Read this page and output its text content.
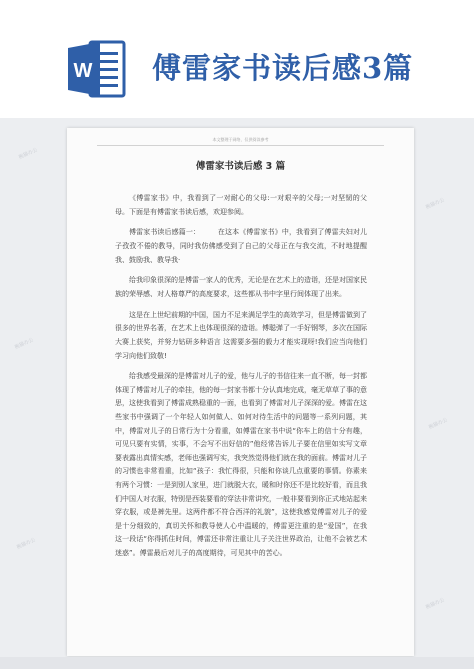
W 傅雷家书读后感3篇
本文整理于网络，仅供阅读参考
傅雷家书读后感 3 篇

《傅雷家书》中，我看到了一对耐心的父母:一对艰辛的父母;一对坚韧的父母。下面是有傅雷家书读后感，欢迎参阅。

傅雷家书读后感篇一：　　　在这本《傅雷家书》中，我看到了傅雷夫妇对儿子孜孜不倦的教导，同时我仿佛感受到了自己的父母正在与我交流，不时地提醒我、鼓励我、教导我·

给我印象很深的是傅雷一家人的优秀，无论是在艺术上的造诣，还是对国家民族的荣辱感、对人格尊严的高度要求，这些都从书中字里行间体现了出来。

这是在上世纪前期的中国，国力不足来满足学生的高效学习，但是傅雷做到了很多的世界名著，在艺术上也体现很深的造诣。傅聪弹了一手好钢琴，多次在国际大赛上获奖，并努力钻研多种语言 这需要多强的毅力才能实现呀!我们应当向他们学习向他们致敬!

给我感受最深的是傅雷对儿子的爱，他与儿子的书信往来一直不断，每一封都体现了傅雷对儿子的牵挂，他的每一封家书都十分认真地完成，毫无草草了事的意思，这使我看到了傅雷成熟稳重的一面，也看到了傅雷对儿子深深的爱。傅雷在这些家书中强调了一个年轻人如何做人、如何对待生活中的问题等一系列问题，其中，傅雷对儿子的日常行为十分看重，如傅雷在家书中说“你车上的信十分有趣，可见只要有实情，实事，不会写不出好信的”他经常告诉儿子要在信里如实写文章要表露出真情实感，老师也强调写实，我突然觉得他们就在我的面前。傅雷对儿子的习惯也非常看重，比如“孩子：我忙得很，只能和你谈几点重要的事情。你素来有两个习惯：一是到别人家里，进门就脱大衣，暖和时你还不是比较好看，而且我们中国人对衣服，特别是西装要看的穿法非常讲究，一般非要看到你正式地站起来穿衣服，或是裤先里。这两件都不符合西洋的礼貌”，这使我感觉傅雷对儿子的爱是十分细致的，真切关怀和教导使人心中温暖的，傅雷更注重的是“爱国”，在我这一段话“你得抓住时间，傅雷还非常注重让儿子关注世界政治，让他不会被艺术迷惑”。傅雷最后对儿子的高度期待，可见其中的苦心。

熊猫办公
熊猫办公
熊猫办公
熊猫办公
熊猫办公
熊猫办公
